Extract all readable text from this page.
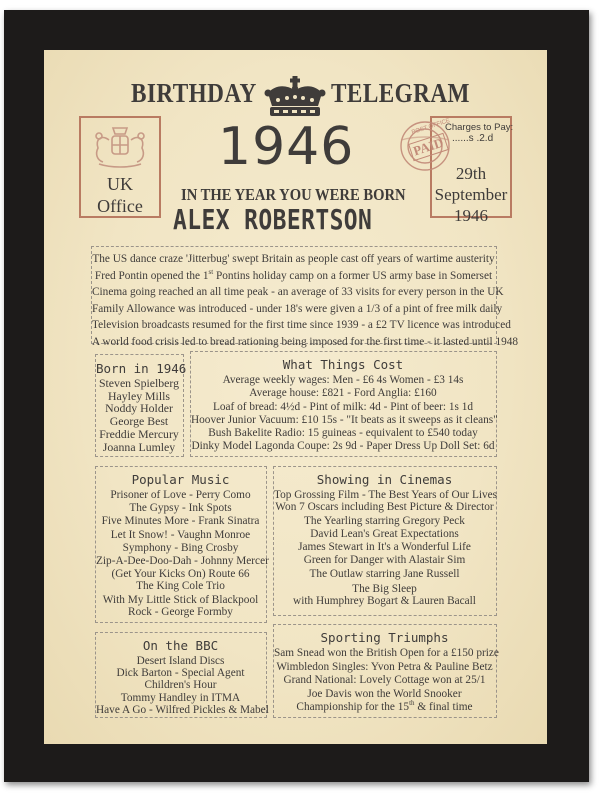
BIRTHDAY	TELEGRAM
UK
Office
Charges to Pay:
......s .2.d
29th
September
1946
POST OFFICE
PAID
1946
IN THE YEAR YOU WERE BORN
ALEX ROBERTSON
The US dance craze 'Jitterbug' swept Britain as people cast off years of wartime austerity
Fred Pontin opened the 1st Pontins holiday camp on a former US army base in Somerset
Cinema going reached an all time peak - an average of 33 visits for every person in the UK
Family Allowance was introduced - under 18's were given a 1/3 of a pint of free milk daily
Television broadcasts resumed for the first time since 1939 - a £2 TV licence was introduced
A world food crisis led to bread rationing being imposed for the first time - it lasted until 1948
Born in 1946
Steven Spielberg
Hayley Mills
Noddy Holder
George Best
Freddie Mercury
Joanna Lumley
What Things Cost
Average weekly wages: Men - £6 4s Women - £3 14s
Average house: £821 - Ford Anglia: £160
Loaf of bread: 4½d - Pint of milk: 4d - Pint of beer: 1s 1d
Hoover Junior Vacuum: £10 15s - "It beats as it sweeps as it cleans"
Bush Bakelite Radio: 15 guineas - equivalent to £540 today
Dinky Model Lagonda Coupe: 2s 9d - Paper Dress Up Doll Set: 6d
Popular Music
Prisoner of Love - Perry Como
The Gypsy - Ink Spots
Five Minutes More - Frank Sinatra
Let It Snow! - Vaughn Monroe
Symphony - Bing Crosby
Zip-A-Dee-Doo-Dah - Johnny Mercer
(Get Your Kicks On) Route 66
The King Cole Trio
With My Little Stick of Blackpool
Rock - George Formby
Showing in Cinemas
Top Grossing Film - The Best Years of Our Lives
Won 7 Oscars including Best Picture & Director
The Yearling starring Gregory Peck
David Lean's Great Expectations
James Stewart in It's a Wonderful Life
Green for Danger with Alastair Sim
The Outlaw starring Jane Russell
The Big Sleep
with Humphrey Bogart & Lauren Bacall
On the BBC
Desert Island Discs
Dick Barton - Special Agent
Children's Hour
Tommy Handley in ITMA
Have A Go - Wilfred Pickles & Mabel
Sporting Triumphs
Sam Snead won the British Open for a £150 prize
Wimbledon Singles: Yvon Petra & Pauline Betz
Grand National: Lovely Cottage won at 25/1
Joe Davis won the World Snooker
Championship for the 15th & final time
